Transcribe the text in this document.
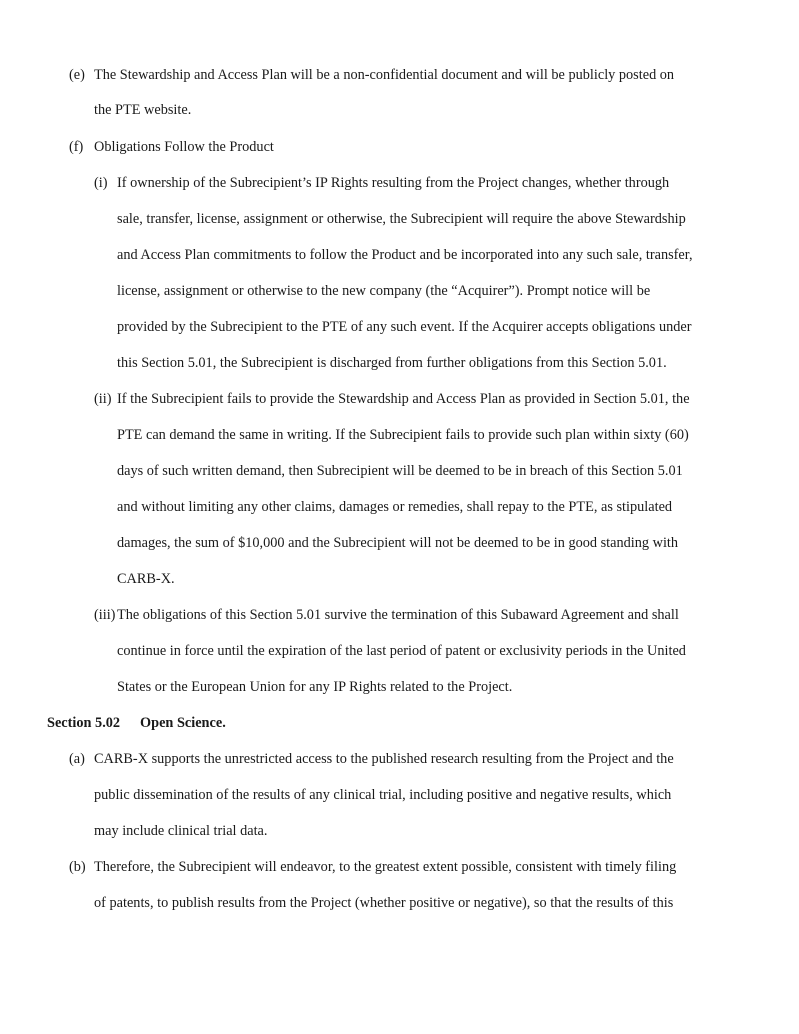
(e) The Stewardship and Access Plan will be a non-confidential document and will be publicly posted on
the PTE website.
(f) Obligations Follow the Product
(i) If ownership of the Subrecipient’s IP Rights resulting from the Project changes, whether through
sale, transfer, license, assignment or otherwise, the Subrecipient will require the above Stewardship
and Access Plan commitments to follow the Product and be incorporated into any such sale, transfer,
license, assignment or otherwise to the new company (the “Acquirer”). Prompt notice will be
provided by the Subrecipient to the PTE of any such event. If the Acquirer accepts obligations under
this Section 5.01, the Subrecipient is discharged from further obligations from this Section 5.01.
(ii) If the Subrecipient fails to provide the Stewardship and Access Plan as provided in Section 5.01, the
PTE can demand the same in writing. If the Subrecipient fails to provide such plan within sixty (60)
days of such written demand, then Subrecipient will be deemed to be in breach of this Section 5.01
and without limiting any other claims, damages or remedies, shall repay to the PTE, as stipulated
damages, the sum of $10,000 and the Subrecipient will not be deemed to be in good standing with
CARB-X.
(iii) The obligations of this Section 5.01 survive the termination of this Subaward Agreement and shall
continue in force until the expiration of the last period of patent or exclusivity periods in the United
States or the European Union for any IP Rights related to the Project.
Section 5.02 Open Science.
(a) CARB-X supports the unrestricted access to the published research resulting from the Project and the
public dissemination of the results of any clinical trial, including positive and negative results, which
may include clinical trial data.
(b) Therefore, the Subrecipient will endeavor, to the greatest extent possible, consistent with timely filing
of patents, to publish results from the Project (whether positive or negative), so that the results of this
